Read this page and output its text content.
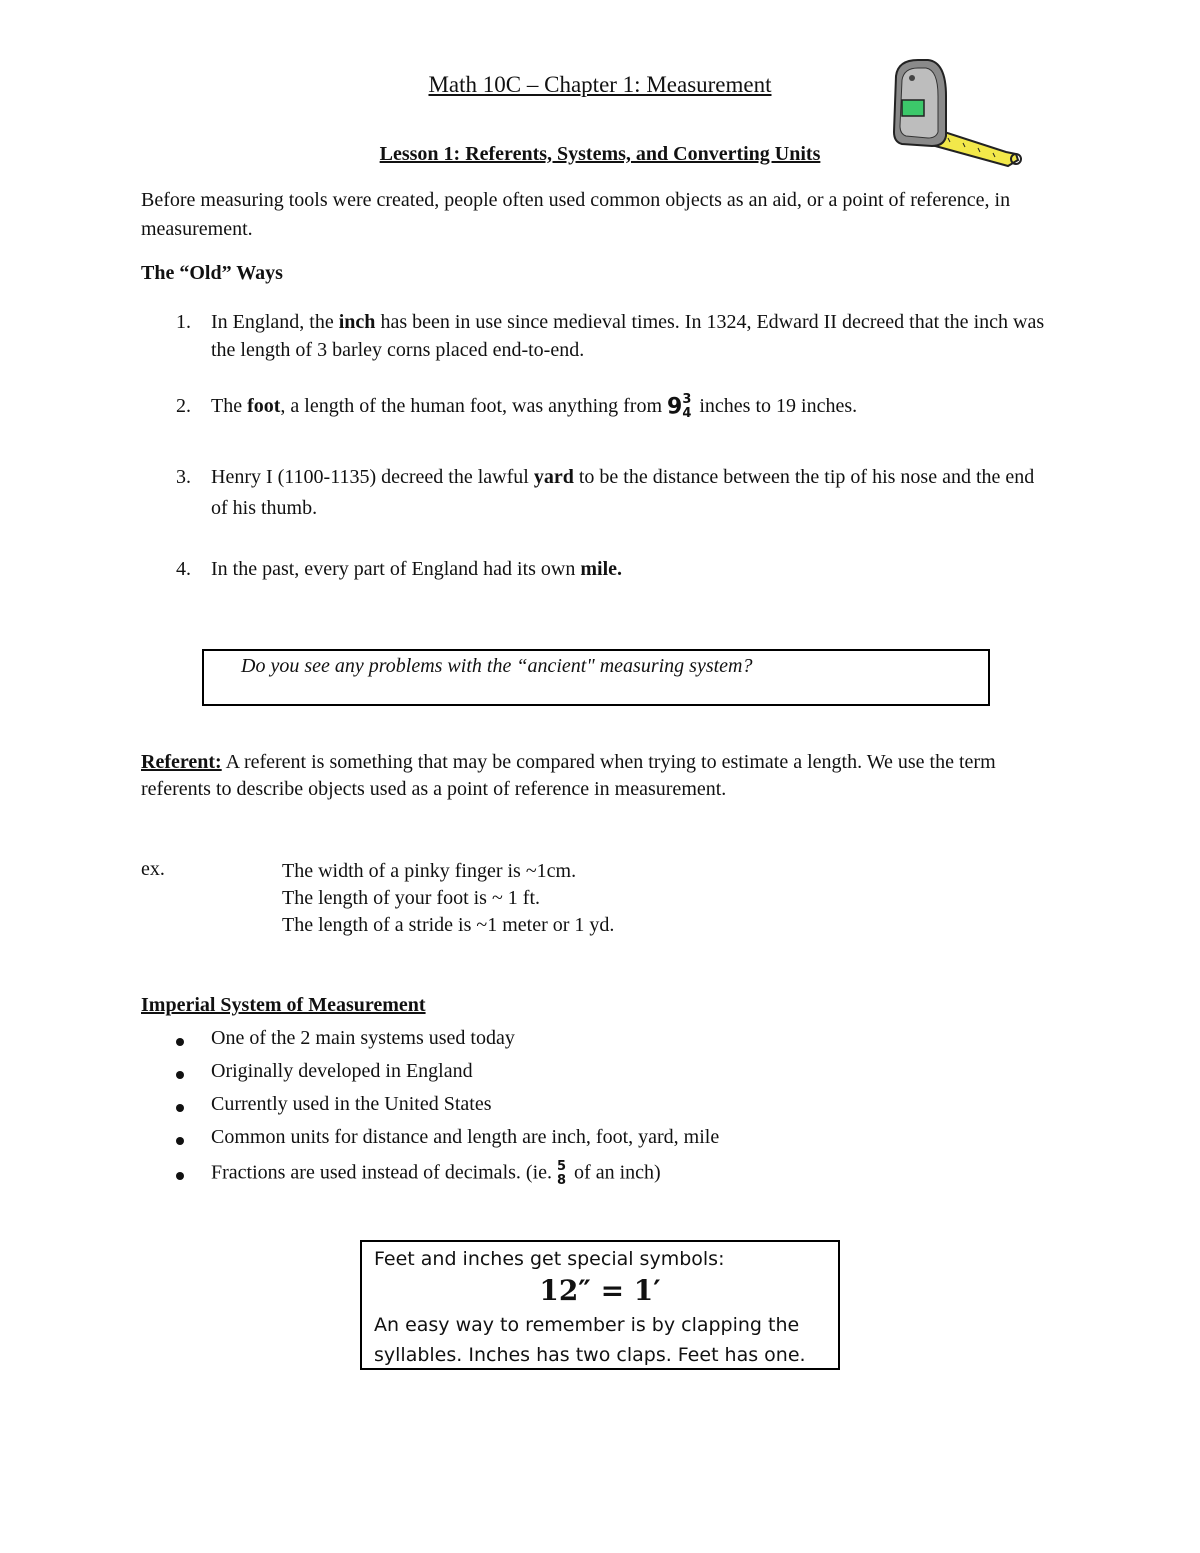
Math 10C – Chapter 1: Measurement
Lesson 1: Referents, Systems, and Converting Units
Before measuring tools were created, people often used common objects as an aid, or a point of reference, in measurement.
The “Old” Ways
1. In England, the inch has been in use since medieval times. In 1324, Edward II decreed that the inch was the length of 3 barley corns placed end-to-end.
2. The foot, a length of the human foot, was anything from 9 3
4 inches to 19 inches.
3. Henry I (1100-1135) decreed the lawful yard to be the distance between the tip of his nose and the end of his thumb.
4. In the past, every part of England had its own mile.
Do you see any problems with the “ancient" measuring system?
Referent: A referent is something that may be compared when trying to estimate a length. We use the term referents to describe objects used as a point of reference in measurement.
ex.	The width of a pinky finger is ~1cm.
The length of your foot is ~ 1 ft.
The length of a stride is ~1 meter or 1 yd.
Imperial System of Measurement
One of the 2 main systems used today
Originally developed in England
Currently used in the United States
Common units for distance and length are inch, foot, yard, mile
Fractions are used instead of decimals. (ie. 5
8 of an inch)
Feet and inches get special symbols:
12″ = 1′
An easy way to remember is by clapping the syllables. Inches has two claps. Feet has one.
